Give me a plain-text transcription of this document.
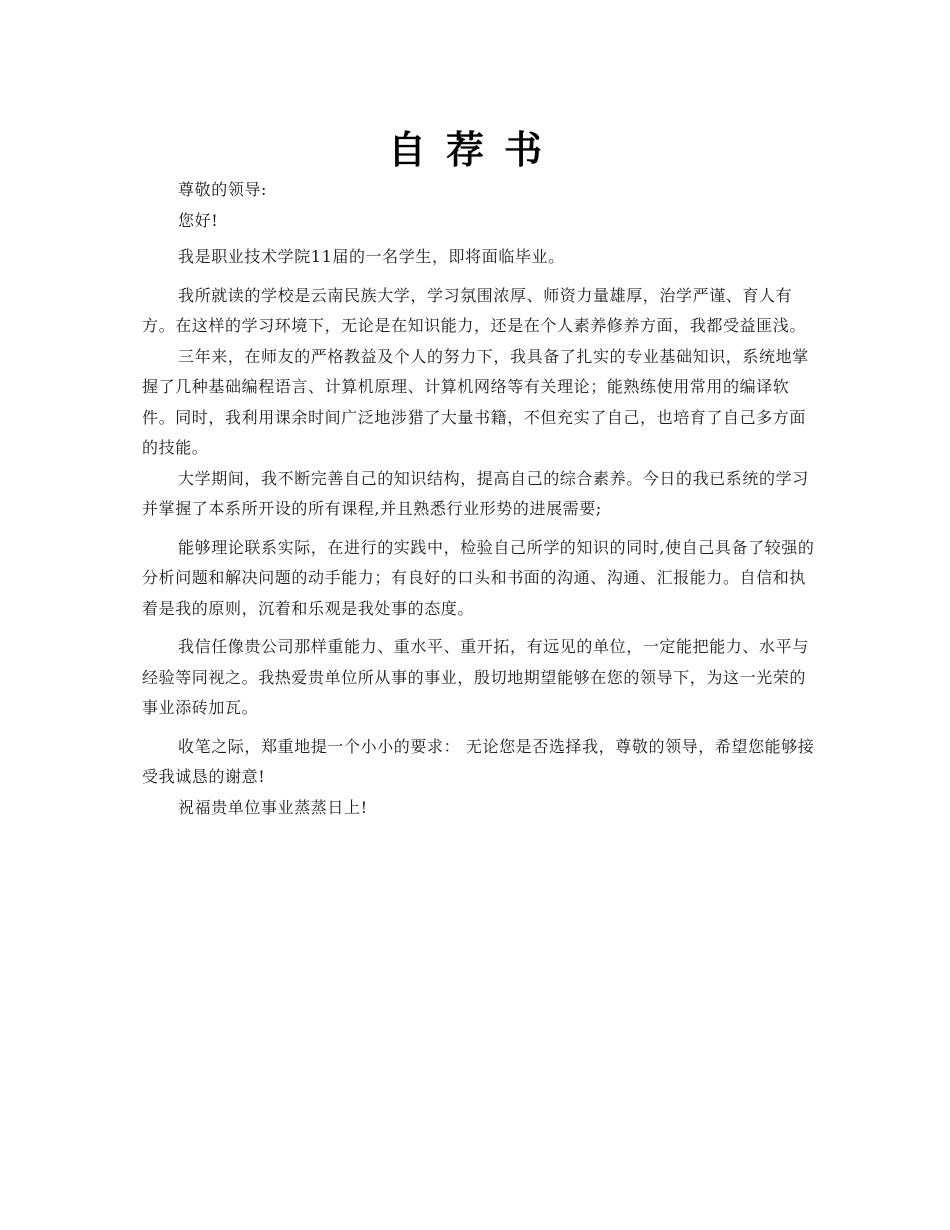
自荐书

尊敬的领导:

您好!

我是职业技术学院11届的一名学生，即将面临毕业。

我所就读的学校是云南民族大学，学习氛围浓厚、师资力量雄厚，治学严谨、育人有方。在这样的学习环境下，无论是在知识能力，还是在个人素养修养方面，我都受益匪浅。

三年来，在师友的严格教益及个人的努力下，我具备了扎实的专业基础知识，系统地掌握了几种基础编程语言、计算机原理、计算机网络等有关理论；能熟练使用常用的编译软件。同时，我利用课余时间广泛地涉猎了大量书籍，不但充实了自己，也培育了自己多方面的技能。

大学期间，我不断完善自己的知识结构，提高自己的综合素养。今日的我已系统的学习并掌握了本系所开设的所有课程,并且熟悉行业形势的进展需要;

能够理论联系实际，在进行的实践中，检验自己所学的知识的同时,使自己具备了较强的分析问题和解决问题的动手能力；有良好的口头和书面的沟通、沟通、汇报能力。自信和执着是我的原则，沉着和乐观是我处事的态度。

我信任像贵公司那样重能力、重水平、重开拓，有远见的单位，一定能把能力、水平与经验等同视之。我热爱贵单位所从事的事业，殷切地期望能够在您的领导下，为这一光荣的事业添砖加瓦。

收笔之际，郑重地提一个小小的要求： 无论您是否选择我，尊敬的领导，希望您能够接受我诚恳的谢意!

祝福贵单位事业蒸蒸日上!
